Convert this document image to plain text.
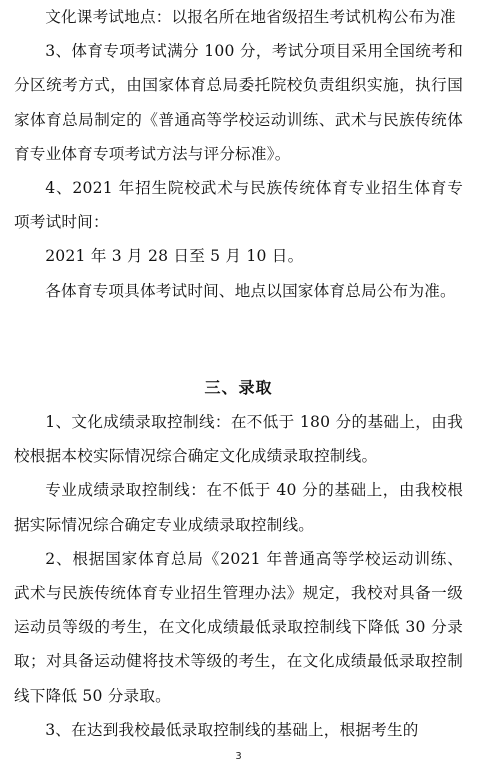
文化课考试地点：以报名所在地省级招生考试机构公布为准

3、体育专项考试满分 100 分，考试分项目采用全国统考和分区统考方式，由国家体育总局委托院校负责组织实施，执行国家体育总局制定的《普通高等学校运动训练、武术与民族传统体育专业体育专项考试方法与评分标准》。

4、2021 年招生院校武术与民族传统体育专业招生体育专项考试时间：

2021 年 3 月 28 日至 5 月 10 日。

各体育专项具体考试时间、地点以国家体育总局公布为准。

三、录取

1、文化成绩录取控制线：在不低于 180 分的基础上，由我校根据本校实际情况综合确定文化成绩录取控制线。

专业成绩录取控制线：在不低于 40 分的基础上，由我校根据实际情况综合确定专业成绩录取控制线。

2、根据国家体育总局《2021 年普通高等学校运动训练、武术与民族传统体育专业招生管理办法》规定，我校对具备一级运动员等级的考生，在文化成绩最低录取控制线下降低 30 分录取；对具备运动健将技术等级的考生，在文化成绩最低录取控制线下降低 50 分录取。

3、在达到我校最低录取控制线的基础上，根据考生的

3
